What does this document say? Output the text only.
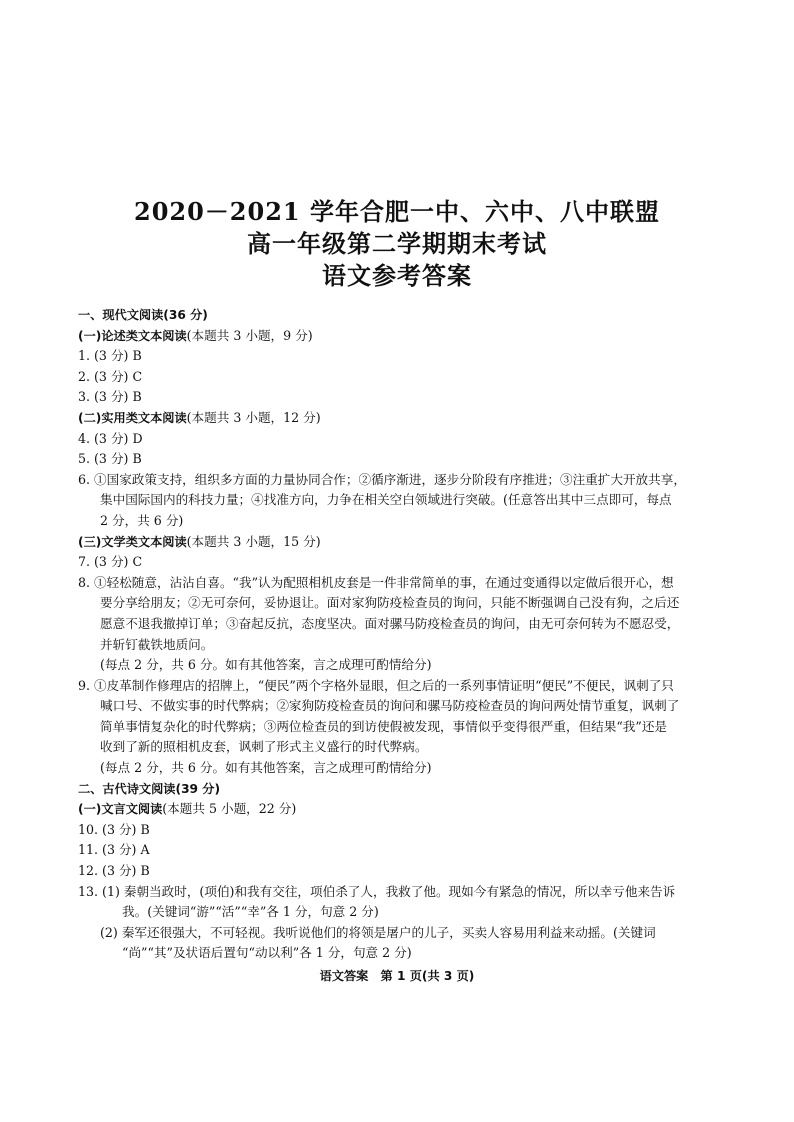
2020－2021 学年合肥一中、六中、八中联盟

高一年级第二学期期末考试

语文参考答案

一、现代文阅读(36 分)

(一)论述类文本阅读(本题共 3 小题，9 分)

1. (3 分) B

2. (3 分) C

3. (3 分) B

(二)实用类文本阅读(本题共 3 小题，12 分)

4. (3 分) D

5. (3 分) B

6. ①国家政策支持，组织多方面的力量协同合作；②循序渐进，逐步分阶段有序推进；③注重扩大开放共享，

集中国际国内的科技力量；④找准方向，力争在相关空白领域进行突破。(任意答出其中三点即可，每点

2 分，共 6 分)

(三)文学类文本阅读(本题共 3 小题，15 分)

7. (3 分) C

8. ①轻松随意，沾沾自喜。“我”认为配照相机皮套是一件非常简单的事，在通过变通得以定做后很开心，想

要分享给朋友；②无可奈何，妥协退让。面对家狗防疫检查员的询问，只能不断强调自己没有狗，之后还

愿意不退我撤掉订单；③奋起反抗，态度坚决。面对骡马防疫检查员的询问，由无可奈何转为不愿忍受，

并斩钉截铁地质问。

(每点 2 分，共 6 分。如有其他答案，言之成理可酌情给分)

9. ①皮革制作修理店的招牌上，“便民”两个字格外显眼，但之后的一系列事情证明“便民”不便民，讽刺了只

喊口号、不做实事的时代弊病；②家狗防疫检查员的询问和骡马防疫检查员的询问两处情节重复，讽刺了

简单事情复杂化的时代弊病；③两位检查员的到访使假被发现，事情似乎变得很严重，但结果“我”还是

收到了新的照相机皮套，讽刺了形式主义盛行的时代弊病。

(每点 2 分，共 6 分。如有其他答案，言之成理可酌情给分)

二、古代诗文阅读(39 分)

(一)文言文阅读(本题共 5 小题，22 分)

10. (3 分) B

11. (3 分) A

12. (3 分) B

13. (1) 秦朝当政时，(项伯)和我有交往，项伯杀了人，我救了他。现如今有紧急的情况，所以幸亏他来告诉

我。(关键词“游”“活”“幸”各 1 分，句意 2 分)

(2) 秦军还很强大，不可轻视。我听说他们的将领是屠户的儿子，买卖人容易用利益来动摇。(关键词

“尚”“其”及状语后置句“动以利”各 1 分，句意 2 分)

语文答案　第 1 页(共 3 页)
